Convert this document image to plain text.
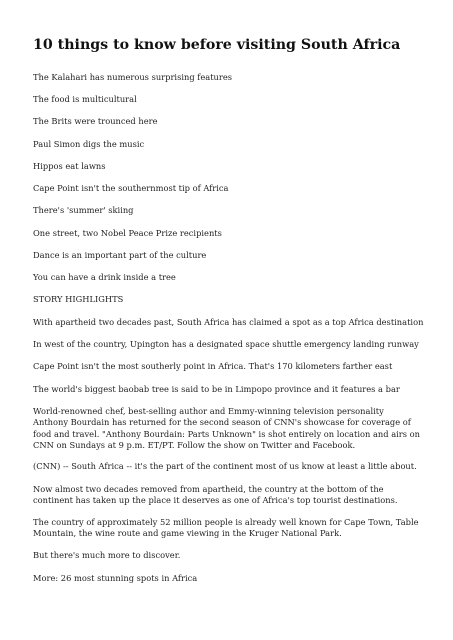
10 things to know before visiting South Africa

The Kalahari has numerous surprising features

The food is multicultural

The Brits were trounced here

Paul Simon digs the music

Hippos eat lawns

Cape Point isn't the southernmost tip of Africa

There's 'summer' skiing

One street, two Nobel Peace Prize recipients

Dance is an important part of the culture

You can have a drink inside a tree

STORY HIGHLIGHTS

With apartheid two decades past, South Africa has claimed a spot as a top Africa destination

In west of the country, Upington has a designated space shuttle emergency landing runway

Cape Point isn't the most southerly point in Africa. That's 170 kilometers farther east

The world's biggest baobab tree is said to be in Limpopo province and it features a bar

World-renowned chef, best-selling author and Emmy-winning television personality Anthony Bourdain has returned for the second season of CNN's showcase for coverage of food and travel. "Anthony Bourdain: Parts Unknown" is shot entirely on location and airs on CNN on Sundays at 9 p.m. ET/PT. Follow the show on Twitter and Facebook.

(CNN) -- South Africa -- it's the part of the continent most of us know at least a little about.

Now almost two decades removed from apartheid, the country at the bottom of the continent has taken up the place it deserves as one of Africa's top tourist destinations.

The country of approximately 52 million people is already well known for Cape Town, Table Mountain, the wine route and game viewing in the Kruger National Park.

But there's much more to discover.

More: 26 most stunning spots in Africa
